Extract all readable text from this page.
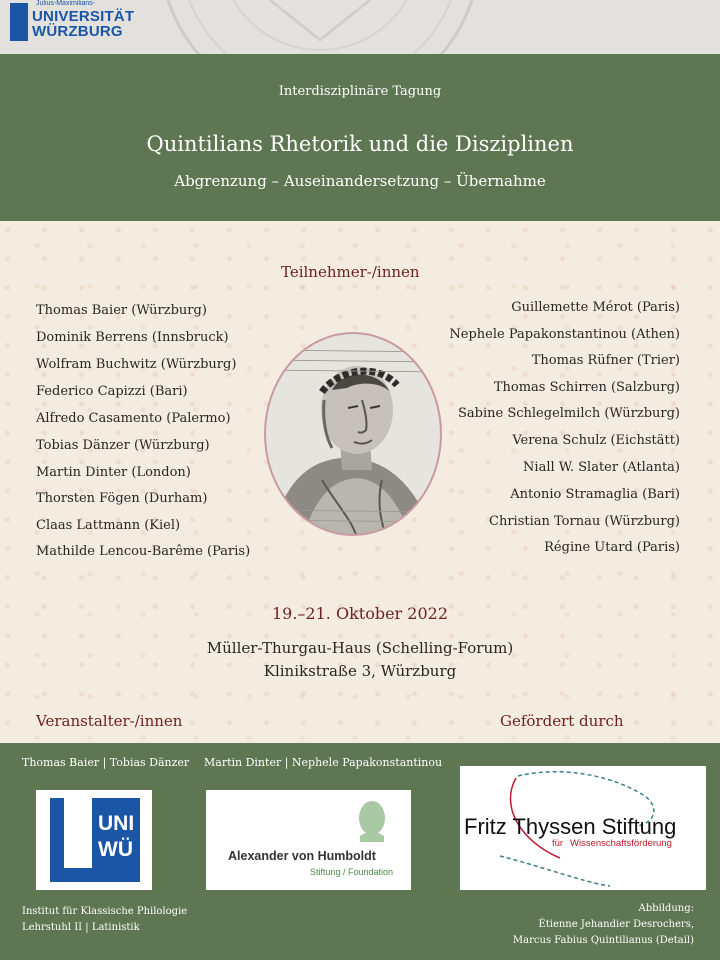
Julius-Maximilians-
UNIVERSITÄT
WÜRZBURG
Interdisziplinäre Tagung
Quintilians Rhetorik und die Disziplinen
Abgrenzung – Auseinandersetzung – Übernahme
Teilnehmer-/innen
Thomas Baier (Würzburg)
Dominik Berrens (Innsbruck)
Wolfram Buchwitz (Würzburg)
Federico Capizzi (Bari)
Alfredo Casamento (Palermo)
Tobias Dänzer (Würzburg)
Martin Dinter (London)
Thorsten Fögen (Durham)
Claas Lattmann (Kiel)
Mathilde Lencou-Barême (Paris)
Guillemette Mérot (Paris)
Nephele Papakonstantinou (Athen)
Thomas Rüfner (Trier)
Thomas Schirren (Salzburg)
Sabine Schlegelmilch (Würzburg)
Verena Schulz (Eichstätt)
Niall W. Slater (Atlanta)
Antonio Stramaglia (Bari)
Christian Tornau (Würzburg)
Régine Utard (Paris)
19.–21. Oktober 2022
Müller-Thurgau-Haus (Schelling-Forum)
Klinikstraße 3, Würzburg
Veranstalter-/innen	Gefördert durch
Thomas Baier | Tobias Dänzer Martin Dinter | Nephele Papakonstantinou
UNI
WÜ	Alexander von Humboldt
Stiftung / Foundation
Fritz Thyssen Stiftung
für Wissenschaftsförderung
Institut für Klassische Philologie
Lehrstuhl II | Latinistik
Abbildung:
Étienne Jehandier Desrochers,
Marcus Fabius Quintilianus (Detail)
